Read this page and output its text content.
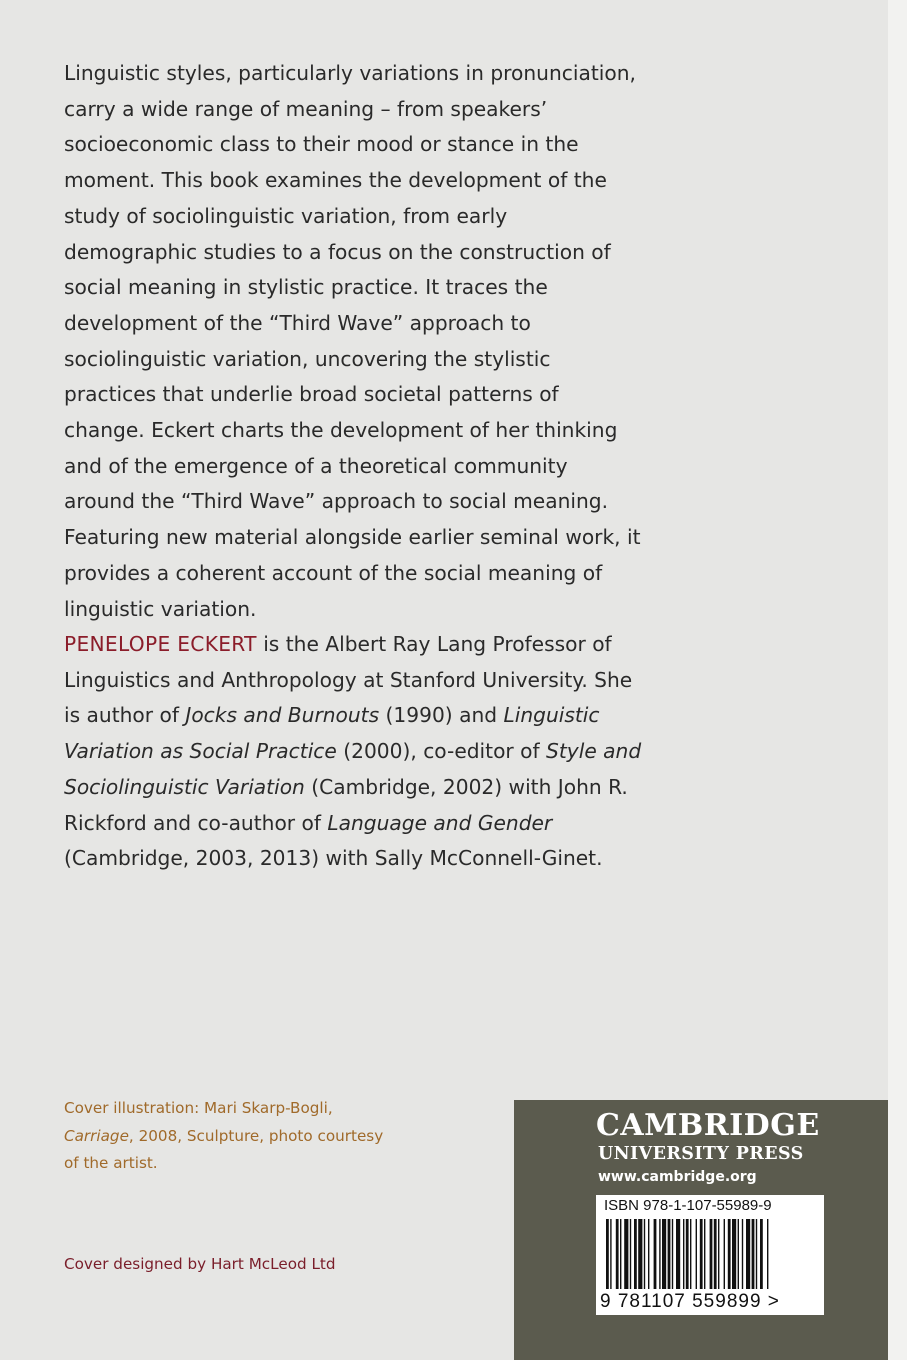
Linguistic styles, particularly variations in pronunciation, carry a wide range of meaning – from speakers’ socioeconomic class to their mood or stance in the moment. This book examines the development of the study of sociolinguistic variation, from early demographic studies to a focus on the construction of social meaning in stylistic practice. It traces the development of the “Third Wave” approach to sociolinguistic variation, uncovering the stylistic practices that underlie broad societal patterns of change. Eckert charts the development of her thinking and of the emergence of a theoretical community around the “Third Wave” approach to social meaning. Featuring new material alongside earlier seminal work, it provides a coherent account of the social meaning of linguistic variation.

PENELOPE ECKERT is the Albert Ray Lang Professor of Linguistics and Anthropology at Stanford University. She is author of Jocks and Burnouts (1990) and Linguistic Variation as Social Practice (2000), co-editor of Style and Sociolinguistic Variation (Cambridge, 2002) with John R. Rickford and co-author of Language and Gender (Cambridge, 2003, 2013) with Sally McConnell-Ginet.

Cover illustration: Mari Skarp-Bogli,
Carriage, 2008, Sculpture, photo courtesy of the artist.

Cover designed by Hart McLeod Ltd

CAMBRIDGE
UNIVERSITY PRESS
www.cambridge.org
ISBN 978-1-107-55989-9
9 781107 559899 >
